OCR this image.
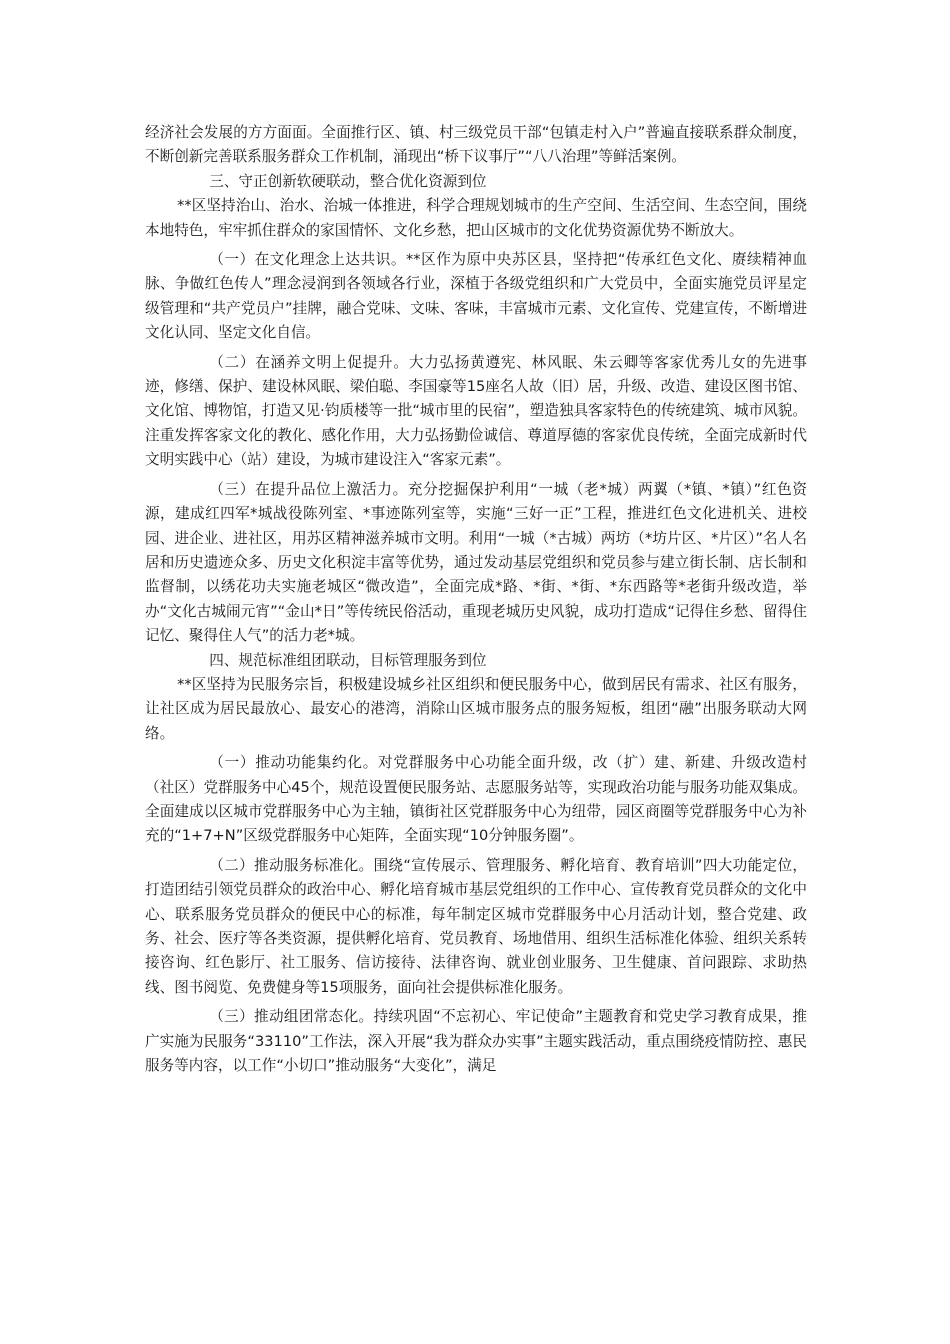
经济社会发展的方方面面。全面推行区、镇、村三级党员干部“包镇走村入户”普遍直接联系群众制度，不断创新完善联系服务群众工作机制，涌现出“桥下议事厅”“八八治理”等鲜活案例。

三、守正创新软硬联动，整合优化资源到位

**区坚持治山、治水、治城一体推进，科学合理规划城市的生产空间、生活空间、生态空间，围绕本地特色，牢牢抓住群众的家国情怀、文化乡愁，把山区城市的文化优势资源优势不断放大。

（一）在文化理念上达共识。**区作为原中央苏区县，坚持把“传承红色文化、赓续精神血脉、争做红色传人”理念浸润到各领域各行业，深植于各级党组织和广大党员中，全面实施党员评星定级管理和“共产党员户”挂牌，融合党味、文味、客味，丰富城市元素、文化宣传、党建宣传，不断增进文化认同、坚定文化自信。

（二）在涵养文明上促提升。大力弘扬黄遵宪、林风眠、朱云卿等客家优秀儿女的先进事迹，修缮、保护、建设林风眠、梁伯聪、李国豪等15座名人故（旧）居，升级、改造、建设区图书馆、文化馆、博物馆，打造又见·钧质楼等一批“城市里的民宿”，塑造独具客家特色的传统建筑、城市风貌。注重发挥客家文化的教化、感化作用，大力弘扬勤俭诚信、尊道厚德的客家优良传统，全面完成新时代文明实践中心（站）建设，为城市建设注入“客家元素”。

（三）在提升品位上激活力。充分挖掘保护利用“一城（老*城）两翼（*镇、*镇）”红色资源，建成红四军*城战役陈列室、*事迹陈列室等，实施“三好一正”工程，推进红色文化进机关、进校园、进企业、进社区，用苏区精神滋养城市文明。利用“一城（*古城）两坊（*坊片区、*片区）”名人名居和历史遗迹众多、历史文化积淀丰富等优势，通过发动基层党组织和党员参与建立街长制、店长制和监督制，以绣花功夫实施老城区“微改造”，全面完成*路、*街、*街、*东西路等*老街升级改造，举办“文化古城闹元宵”“金山*日”等传统民俗活动，重现老城历史风貌，成功打造成“记得住乡愁、留得住记忆、聚得住人气”的活力老*城。

四、规范标准组团联动，目标管理服务到位

**区坚持为民服务宗旨，积极建设城乡社区组织和便民服务中心，做到居民有需求、社区有服务，让社区成为居民最放心、最安心的港湾，消除山区城市服务点的服务短板，组团“融”出服务联动大网络。

（一）推动功能集约化。对党群服务中心功能全面升级，改（扩）建、新建、升级改造村（社区）党群服务中心45个，规范设置便民服务站、志愿服务站等，实现政治功能与服务功能双集成。全面建成以区城市党群服务中心为主轴，镇街社区党群服务中心为纽带，园区商圈等党群服务中心为补充的“1+7+N”区级党群服务中心矩阵，全面实现“10分钟服务圈”。

（二）推动服务标准化。围绕“宣传展示、管理服务、孵化培育、教育培训”四大功能定位，打造团结引领党员群众的政治中心、孵化培育城市基层党组织的工作中心、宣传教育党员群众的文化中心、联系服务党员群众的便民中心的标准，每年制定区城市党群服务中心月活动计划，整合党建、政务、社会、医疗等各类资源，提供孵化培育、党员教育、场地借用、组织生活标准化体验、组织关系转接咨询、红色影厅、社工服务、信访接待、法律咨询、就业创业服务、卫生健康、首问跟踪、求助热线、图书阅览、免费健身等15项服务，面向社会提供标准化服务。

（三）推动组团常态化。持续巩固“不忘初心、牢记使命”主题教育和党史学习教育成果，推广实施为民服务“33110”工作法，深入开展“我为群众办实事”主题实践活动，重点围绕疫情防控、惠民服务等内容，以工作“小切口”推动服务“大变化”，满足
